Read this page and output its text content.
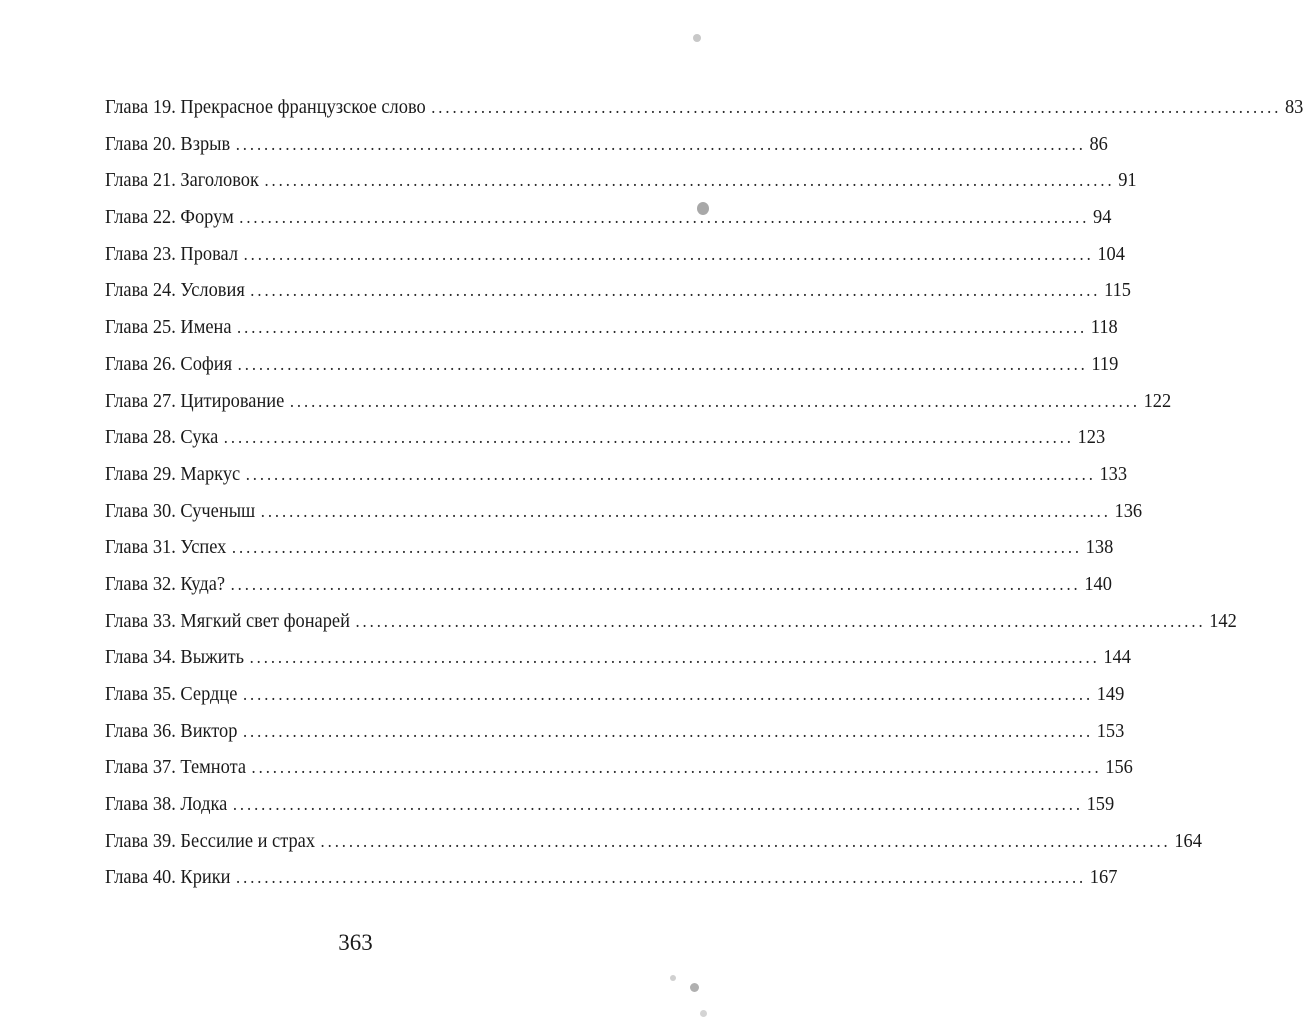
Глава 19. Прекрасное французское слово ........................................................................................................................ 83
Глава 20. Взрыв ........................................................................................................................ 86
Глава 21. Заголовок ........................................................................................................................ 91
Глава 22. Форум ........................................................................................................................ 94
Глава 23. Провал ........................................................................................................................ 104
Глава 24. Условия ........................................................................................................................ 115
Глава 25. Имена ........................................................................................................................ 118
Глава 26. София ........................................................................................................................ 119
Глава 27. Цитирование ........................................................................................................................ 122
Глава 28. Сука ........................................................................................................................ 123
Глава 29. Маркус ........................................................................................................................ 133
Глава 30. Сученыш ........................................................................................................................ 136
Глава 31. Успех ........................................................................................................................ 138
Глава 32. Куда? ........................................................................................................................ 140
Глава 33. Мягкий свет фонарей ........................................................................................................................ 142
Глава 34. Выжить ........................................................................................................................ 144
Глава 35. Сердце ........................................................................................................................ 149
Глава 36. Виктор ........................................................................................................................ 153
Глава 37. Темнота ........................................................................................................................ 156
Глава 38. Лодка ........................................................................................................................ 159
Глава 39. Бессилие и страх ........................................................................................................................ 164
Глава 40. Крики ........................................................................................................................ 167
363
